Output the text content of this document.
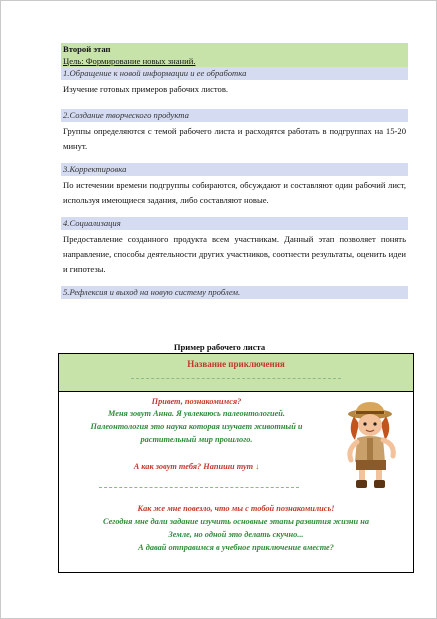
Второй этап
Цель: Формирование новых знаний.
1.Обращение к новой информации и ее обработка
Изучение готовых примеров рабочих листов.
2.Создание творческого продукта
Группы определяются с темой рабочего листа и расходятся работать в подгруппах на 15-20 минут.
3.Корректировка
По истечении времени подгруппы собираются, обсуждают и составляют один рабочий лист, используя имеющиеся задания, либо составляют новые.
4.Социализация
Предоставление созданного продукта всем участникам. Данный этап позволяет понять направление, способы деятельности других участников, соотнести результаты, оценить идеи и гипотезы.
5.Рефлексия и выход на новую систему проблем.
Пример рабочего листа
Название приключения
Привет, познакомимся?
Меня зовут Анна. Я увлекаюсь палеонтологией.
Палеонтология это наука которая изучает животный и
растительный мир прошлого.
А как зовут тебя? Напиши тут ↓
Как же мне повезло, что мы с тобой познакомились!
Сегодня мне дали задание изучить основные этапы развития жизни на
Земле, но одной это делать скучно...
А давай отправимся в учебное приключение вместе?
